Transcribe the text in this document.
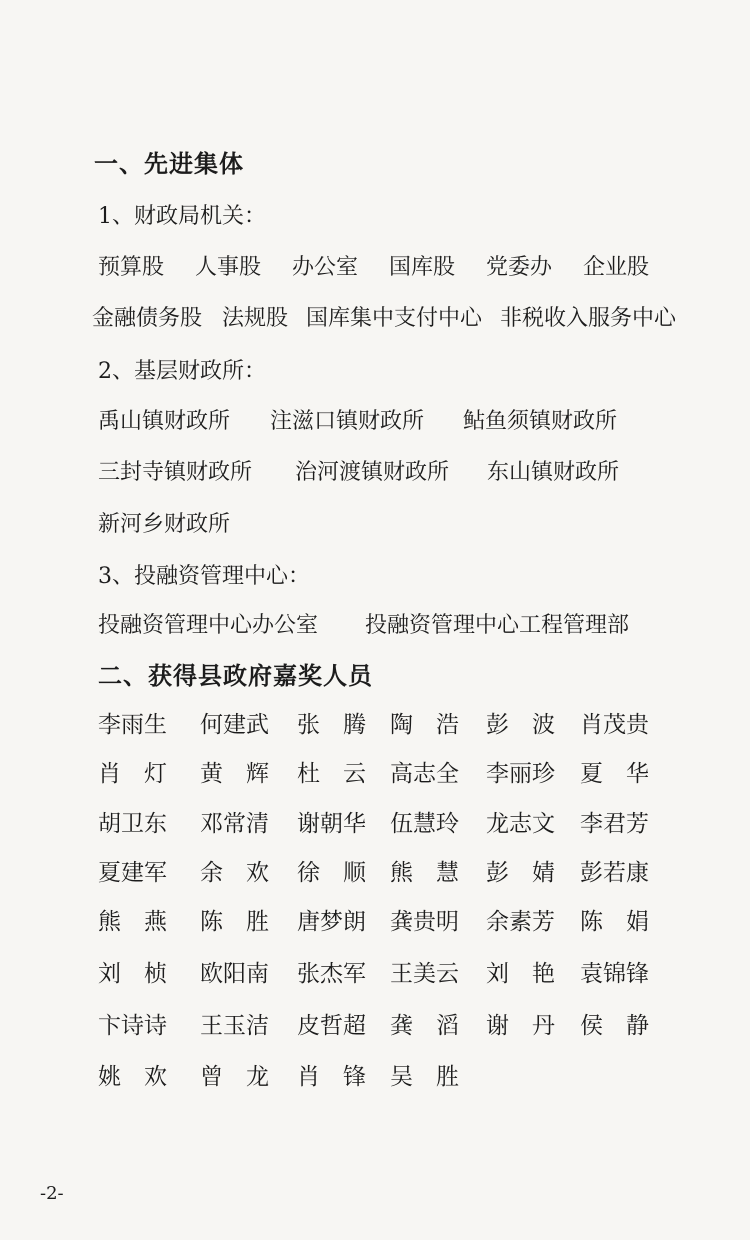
一、先进集体
1、财政局机关：
预算股 人事股 办公室 国库股 党委办 企业股
金融债务股 法规股 国库集中支付中心 非税收入服务中心
2、基层财政所：
禹山镇财政所 注滋口镇财政所 鲇鱼须镇财政所
三封寺镇财政所 治河渡镇财政所 东山镇财政所
新河乡财政所
3、投融资管理中心：
投融资管理中心办公室 投融资管理中心工程管理部
二、获得县政府嘉奖人员
李雨生 何建武 张　腾 陶　浩 彭　波 肖茂贵
肖　灯 黄　辉 杜　云 高志全 李丽珍 夏　华
胡卫东 邓常清 谢朝华 伍慧玲 龙志文 李君芳
夏建军 余　欢 徐　顺 熊　慧 彭　婧 彭若康
熊　燕 陈　胜 唐梦朗 龚贵明 余素芳 陈　娟
刘　桢 欧阳南 张杰军 王美云 刘　艳 袁锦锋
卞诗诗 王玉洁 皮哲超 龚　滔 谢　丹 侯　静
姚　欢 曾　龙 肖　锋 吴　胜
-2-
